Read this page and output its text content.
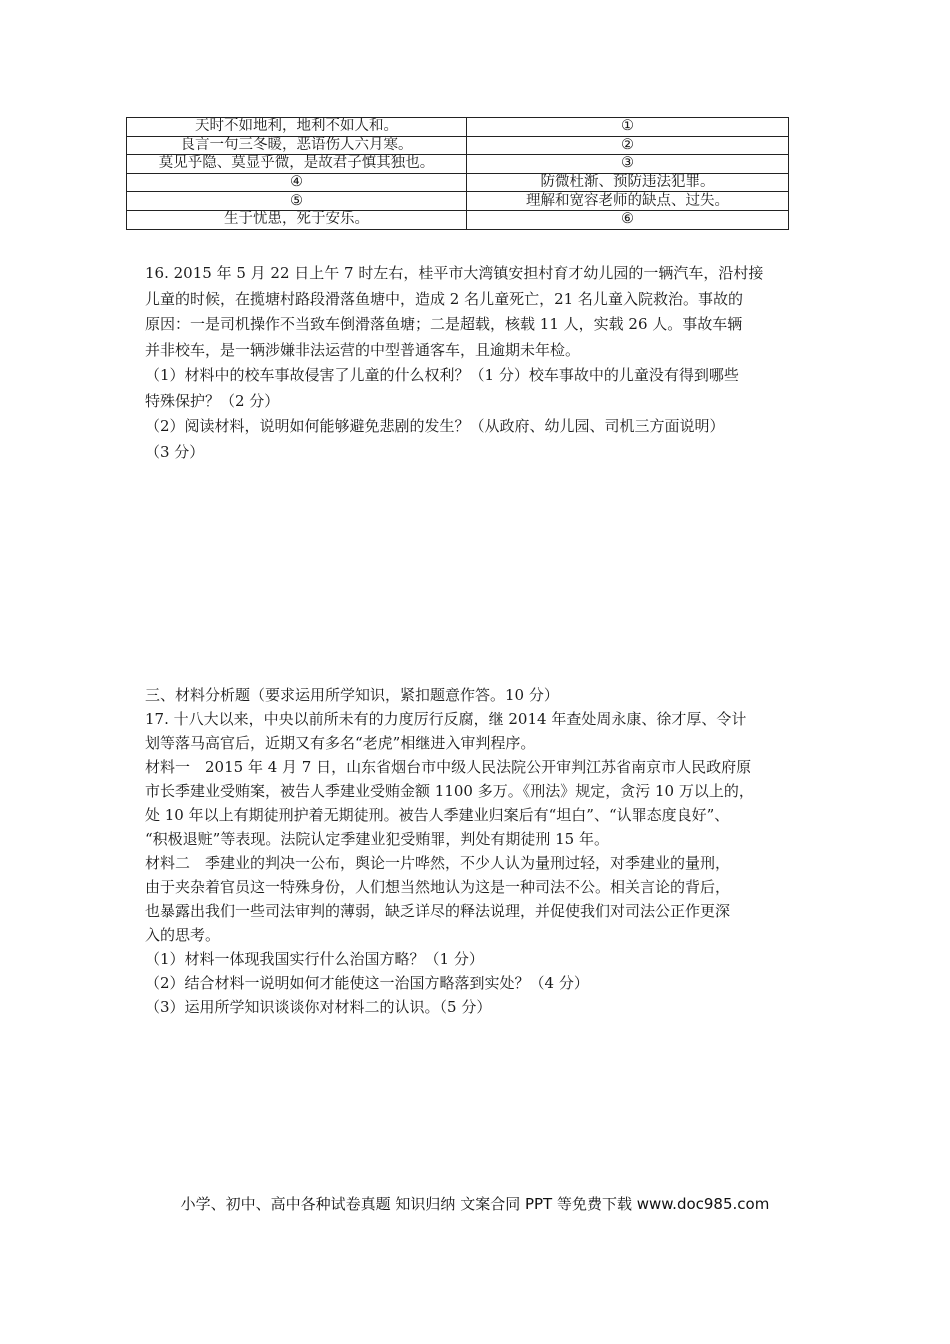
天时不如地利，地利不如人和。	①
良言一句三冬暖，恶语伤人六月寒。	②
莫见乎隐、莫显乎微，是故君子慎其独也。	③
④	防微杜渐、预防违法犯罪。
⑤	理解和宽容老师的缺点、过失。
生于忧患，死于安乐。	⑥
16. 2015 年 5 月 22 日上午 7 时左右，桂平市大湾镇安担村育才幼儿园的一辆汽车，沿村接
儿童的时候，在揽塘村路段滑落鱼塘中，造成 2 名儿童死亡，21 名儿童入院救治。事故的
原因：一是司机操作不当致车倒滑落鱼塘；二是超载，核载 11 人，实载 26 人。事故车辆
并非校车，是一辆涉嫌非法运营的中型普通客车，且逾期未年检。
（1）材料中的校车事故侵害了儿童的什么权利？（1 分）校车事故中的儿童没有得到哪些
特殊保护？（2 分）
（2）阅读材料，说明如何能够避免悲剧的发生？（从政府、幼儿园、司机三方面说明）
（3 分）
三、材料分析题（要求运用所学知识，紧扣题意作答。10 分）
17. 十八大以来，中央以前所未有的力度厉行反腐，继 2014 年查处周永康、徐才厚、令计
划等落马高官后，近期又有多名“老虎”相继进入审判程序。
材料一　2015 年 4 月 7 日，山东省烟台市中级人民法院公开审判江苏省南京市人民政府原
市长季建业受贿案，被告人季建业受贿金额 1100 多万。《刑法》规定，贪污 10 万以上的，
处 10 年以上有期徒刑护着无期徒刑。被告人季建业归案后有“坦白”、“认罪态度良好”、
“积极退赃”等表现。法院认定季建业犯受贿罪，判处有期徒刑 15 年。
材料二　季建业的判决一公布，舆论一片哗然，不少人认为量刑过轻，对季建业的量刑，
由于夹杂着官员这一特殊身份，人们想当然地认为这是一种司法不公。相关言论的背后，
也暴露出我们一些司法审判的薄弱，缺乏详尽的释法说理，并促使我们对司法公正作更深
入的思考。
（1）材料一体现我国实行什么治国方略？（1 分）
（2）结合材料一说明如何才能使这一治国方略落到实处？（4 分）
（3）运用所学知识谈谈你对材料二的认识。（5 分）
小学、初中、高中各种试卷真题 知识归纳 文案合同 PPT 等免费下载 www.doc985.com
